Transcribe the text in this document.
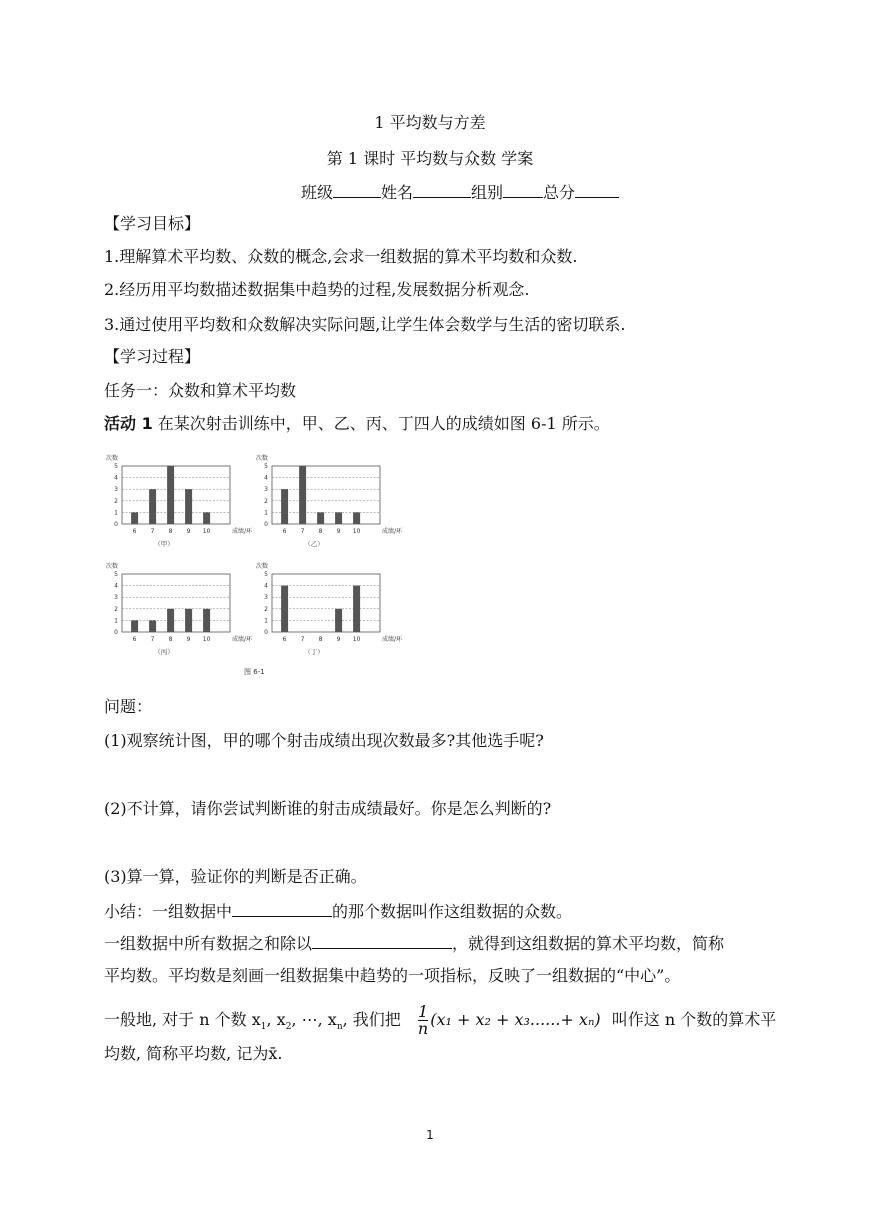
1 平均数与方差
第 1 课时 平均数与众数 学案
班级	姓名	组别	总分
【学习目标】
1.理解算术平均数、众数的概念,会求一组数据的算术平均数和众数.
2.经历用平均数描述数据集中趋势的过程,发展数据分析观念.
3.通过使用平均数和众数解决实际问题,让学生体会数学与生活的密切联系.
【学习过程】
任务一：众数和算术平均数
活动 1 在某次射击训练中，甲、乙、丙、丁四人的成绩如图 6-1 所示。
次数
0
1
2
3
4
5
6 7 8 9 10	成绩/环
（甲）
次数
0
1
2
3
4
5
6 7 8 9 10	成绩/环
（乙）
次数
0
1
2
3
4
5
6 7 8 9 10	成绩/环
（丙）
次数
0
1
2
3
4
5
6 7 8 9 10	成绩/环
（丁）
图 6-1
问题：
(1)观察统计图，甲的哪个射击成绩出现次数最多?其他选手呢?
(2)不计算，请你尝试判断谁的射击成绩最好。你是怎么判断的?
(3)算一算，验证你的判断是否正确。
小结：一组数据中	的那个数据叫作这组数据的众数。
一组数据中所有数据之和除以	，就得到这组数据的算术平均数，简称
平均数。平均数是刻画一组数据集中趋势的一项指标，反映了一组数据的“中心”。
一般地, 对于 n 个数 $x_1$, $x_2$, ⋯, $x_n$, 我们把 $\frac{1}{n} (x_1 + x_2 + x_3......+ x_n)$ 叫作这 n 个数的算术平
均数, 简称平均数, 记为x̄.
1
